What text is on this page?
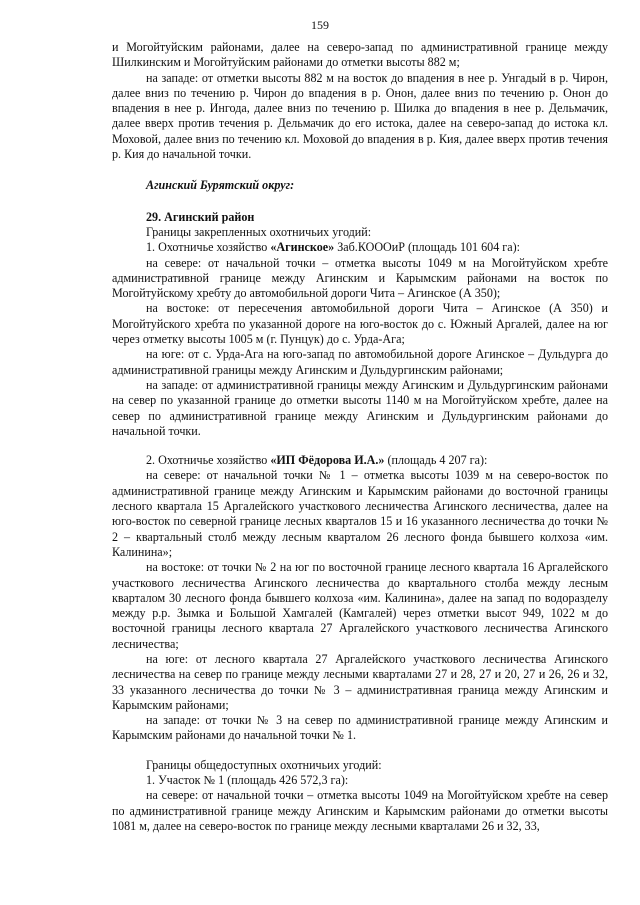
159

и Могойтуйским районами, далее на северо-запад по административной границе между Шилкинским и Могойтуйским районами до отметки высоты 882 м;

на западе: от отметки высоты 882 м на восток до впадения в нее р. Унгадый в р. Чирон, далее вниз по течению р. Чирон до впадения в р. Онон, далее вниз по течению р. Онон до впадения в нее р. Ингода, далее вниз по течению р. Шилка до впадения в нее р. Дельмачик, далее вверх против течения р. Дельмачик до его истока, далее на северо-запад до истока кл. Моховой, далее вниз по течению кл. Моховой до впадения в р. Кия, далее вверх против течения р. Кия до начальной точки.

Агинский Бурятский округ:

29. Агинский район

Границы закрепленных охотничьих угодий:

1. Охотничье хозяйство «Агинское» Заб.КОООиР (площадь 101 604 га):

на севере: от начальной точки – отметка высоты 1049 м на Могойтуйском хребте административной границе между Агинским и Карымским районами на восток по Могойтуйскому хребту до автомобильной дороги Чита – Агинское (А 350);

на востоке: от пересечения автомобильной дороги Чита – Агинское (А 350) и Могойтуйского хребта по указанной дороге на юго-восток до с. Южный Аргалей, далее на юг через отметку высоты 1005 м (г. Пунцук) до с. Урда-Ага;

на юге: от с. Урда-Ага на юго-запад по автомобильной дороге Агинское – Дульдурга до административной границы между Агинским и Дульдургинским районами;

на западе: от административной границы между Агинским и Дульдургинским районами на север по указанной границе до отметки высоты 1140 м на Могойтуйском хребте, далее на север по административной границе между Агинским и Дульдургинским районами до начальной точки.

2. Охотничье хозяйство «ИП Фёдорова И.А.» (площадь 4 207 га):

на севере: от начальной точки № 1 – отметка высоты 1039 м на северо-восток по административной границе между Агинским и Карымским районами до восточной границы лесного квартала 15 Аргалейского участкового лесничества Агинского лесничества, далее на юго-восток по северной границе лесных кварталов 15 и 16 указанного лесничества до точки № 2 – квартальный столб между лесным кварталом 26 лесного фонда бывшего колхоза «им. Калинина»;

на востоке: от точки № 2 на юг по восточной границе лесного квартала 16 Аргалейского участкового лесничества Агинского лесничества до квартального столба между лесным кварталом 30 лесного фонда бывшего колхоза «им. Калинина», далее на запад по водоразделу между р.р. Зымка и Большой Хамгалей (Камгалей) через отметки высот 949, 1022 м до восточной границы лесного квартала 27 Аргалейского участкового лесничества Агинского лесничества;

на юге: от лесного квартала 27 Аргалейского участкового лесничества Агинского лесничества на север по границе между лесными кварталами 27 и 28, 27 и 20, 27 и 26, 26 и 32, 33 указанного лесничества до точки № 3 – административная граница между Агинским и Карымским районами;

на западе: от точки № 3 на север по административной границе между Агинским и Карымским районами до начальной точки № 1.

Границы общедоступных охотничьих угодий:

1. Участок № 1 (площадь 426 572,3 га):

на севере: от начальной точки – отметка высоты 1049 на Могойтуйском хребте на север по административной границе между Агинским и Карымским районами до отметки высоты 1081 м, далее на северо-восток по границе между лесными кварталами 26 и 32, 33,
